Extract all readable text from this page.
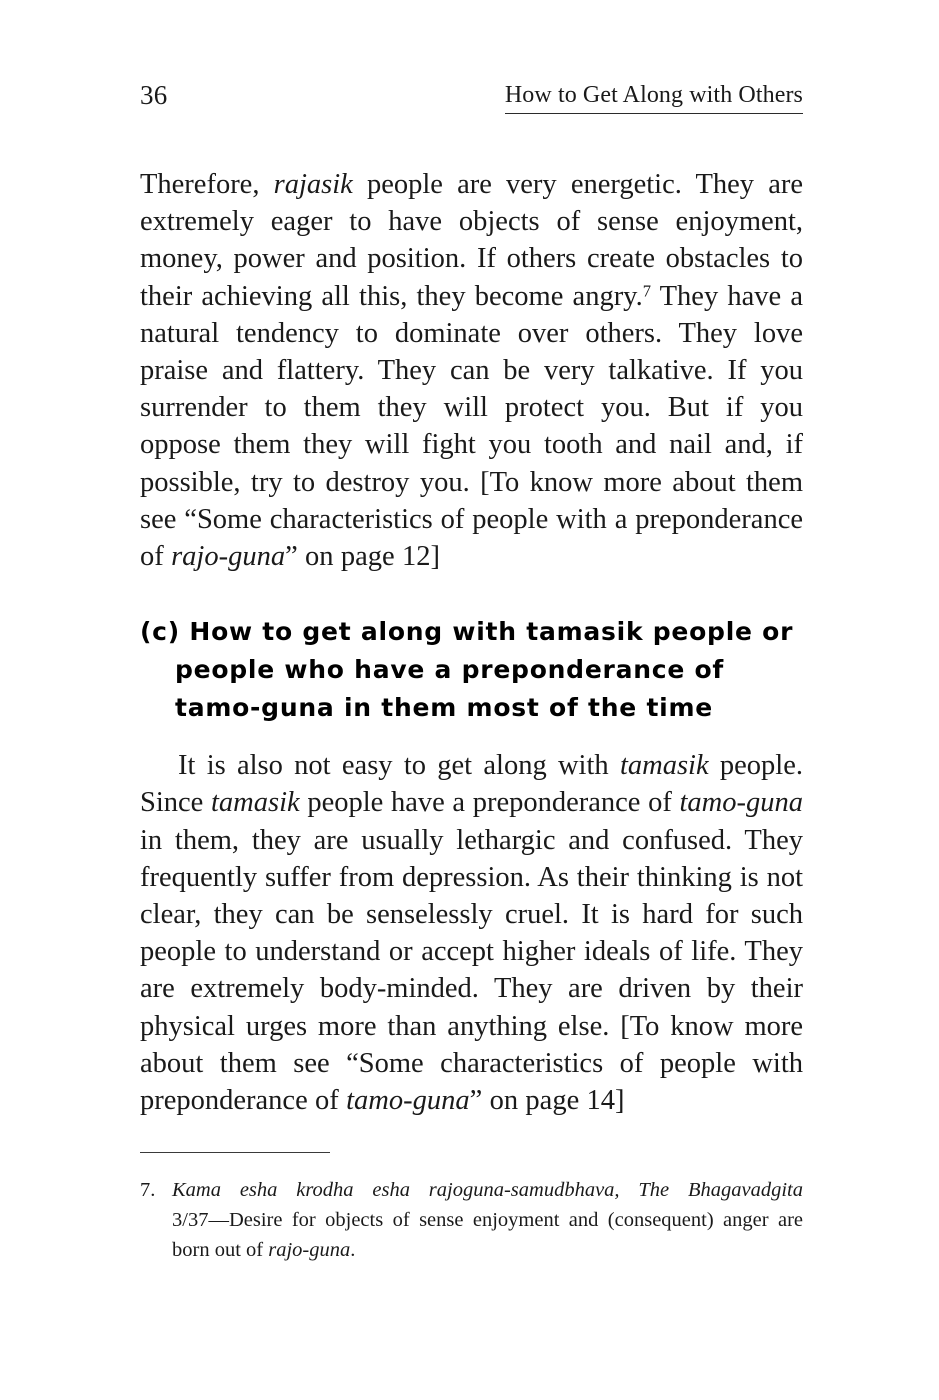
36	How to Get Along with Others

Therefore, rajasik people are very energetic. They are extremely eager to have objects of sense enjoyment, money, power and position. If others create obstacles to their achieving all this, they become angry.$^7$ They have a natural tendency to dominate over others. They love praise and flattery. They can be very talkative. If you surrender to them they will protect you. But if you oppose them they will fight you tooth and nail and, if possible, try to destroy you. [To know more about them see “Some characteristics of people with a preponderance of rajo-guna” on page 12]

(c) How to get along with tamasik people or people who have a preponderance of tamo-guna in them most of the time

It is also not easy to get along with tamasik people. Since tamasik people have a preponderance of tamo-guna in them, they are usually lethargic and confused. They frequently suffer from depression. As their thinking is not clear, they can be senselessly cruel. It is hard for such people to understand or accept higher ideals of life. They are extremely body-minded. They are driven by their physical urges more than anything else. [To know more about them see “Some characteristics of people with preponderance of tamo-guna” on page 14]

7. Kama esha krodha esha rajoguna-samudbhava, The Bhagavadgita
3/37—Desire for objects of sense enjoyment and (consequent) anger are born out of rajo-guna.
